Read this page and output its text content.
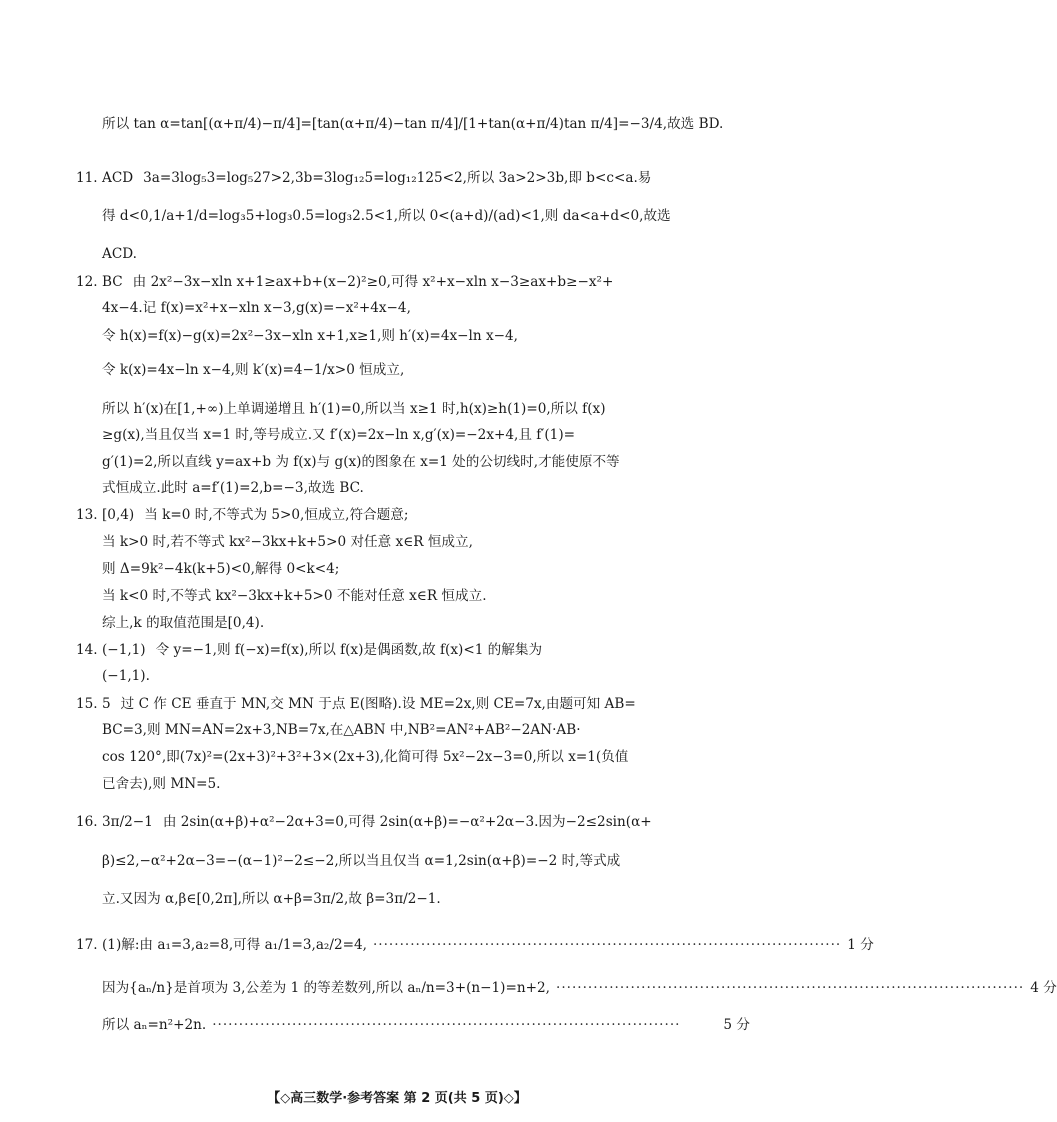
所以 tan α=tan[(α+π/4)−π/4]=[tan(α+π/4)−tan π/4]/[1+tan(α+π/4)tan π/4]=−3/4,故选 BD.
11. ACD 3a=3log₅3=log₅27>2,3b=3log₁₂5=log₁₂125<2,所以 3a>2>3b,即 b<c<a.易
得 d<0,1/a+1/d=log₃5+log₃0.5=log₃2.5<1,所以 0<(a+d)/(ad)<1,则 da<a+d<0,故选
ACD.
12. BC 由 2x²−3x−xln x+1≥ax+b+(x−2)²≥0,可得 x²+x−xln x−3≥ax+b≥−x²+
4x−4.记 f(x)=x²+x−xln x−3,g(x)=−x²+4x−4,
令 h(x)=f(x)−g(x)=2x²−3x−xln x+1,x≥1,则 h′(x)=4x−ln x−4,
令 k(x)=4x−ln x−4,则 k′(x)=4−1/x>0 恒成立,
所以 h′(x)在[1,+∞)上单调递增且 h′(1)=0,所以当 x≥1 时,h(x)≥h(1)=0,所以 f(x)
≥g(x),当且仅当 x=1 时,等号成立.又 f′(x)=2x−ln x,g′(x)=−2x+4,且 f′(1)=
g′(1)=2,所以直线 y=ax+b 为 f(x)与 g(x)的图象在 x=1 处的公切线时,才能使原不等
式恒成立.此时 a=f′(1)=2,b=−3,故选 BC.
13. [0,4) 当 k=0 时,不等式为 5>0,恒成立,符合题意;
当 k>0 时,若不等式 kx²−3kx+k+5>0 对任意 x∈R 恒成立,
则 Δ=9k²−4k(k+5)<0,解得 0<k<4;
当 k<0 时,不等式 kx²−3kx+k+5>0 不能对任意 x∈R 恒成立.
综上,k 的取值范围是[0,4).
14. (−1,1) 令 y=−1,则 f(−x)=f(x),所以 f(x)是偶函数,故 f(x)<1 的解集为
(−1,1).
15. 5 过 C 作 CE 垂直于 MN,交 MN 于点 E(图略).设 ME=2x,则 CE=7x,由题可知 AB=
BC=3,则 MN=AN=2x+3,NB=7x,在△ABN 中,NB²=AN²+AB²−2AN·AB·
cos 120°,即(7x)²=(2x+3)²+3²+3×(2x+3),化简可得 5x²−2x−3=0,所以 x=1(负值
已舍去),则 MN=5.
16. 3π/2−1 由 2sin(α+β)+α²−2α+3=0,可得 2sin(α+β)=−α²+2α−3.因为−2≤2sin(α+
β)≤2,−α²+2α−3=−(α−1)²−2≤−2,所以当且仅当 α=1,2sin(α+β)=−2 时,等式成
立.又因为 α,β∈[0,2π],所以 α+β=3π/2,故 β=3π/2−1.
17. (1)解:由 a₁=3,a₂=8,可得 a₁/1=3,a₂/2=4, ························································································ 1 分
因为{aₙ/n}是首项为 3,公差为 1 的等差数列,所以 aₙ/n=3+(n−1)=n+2, ························································································ 4 分
所以 aₙ=n²+2n. ························································································	5 分
【◇高三数学·参考答案 第 2 页(共 5 页)◇】
